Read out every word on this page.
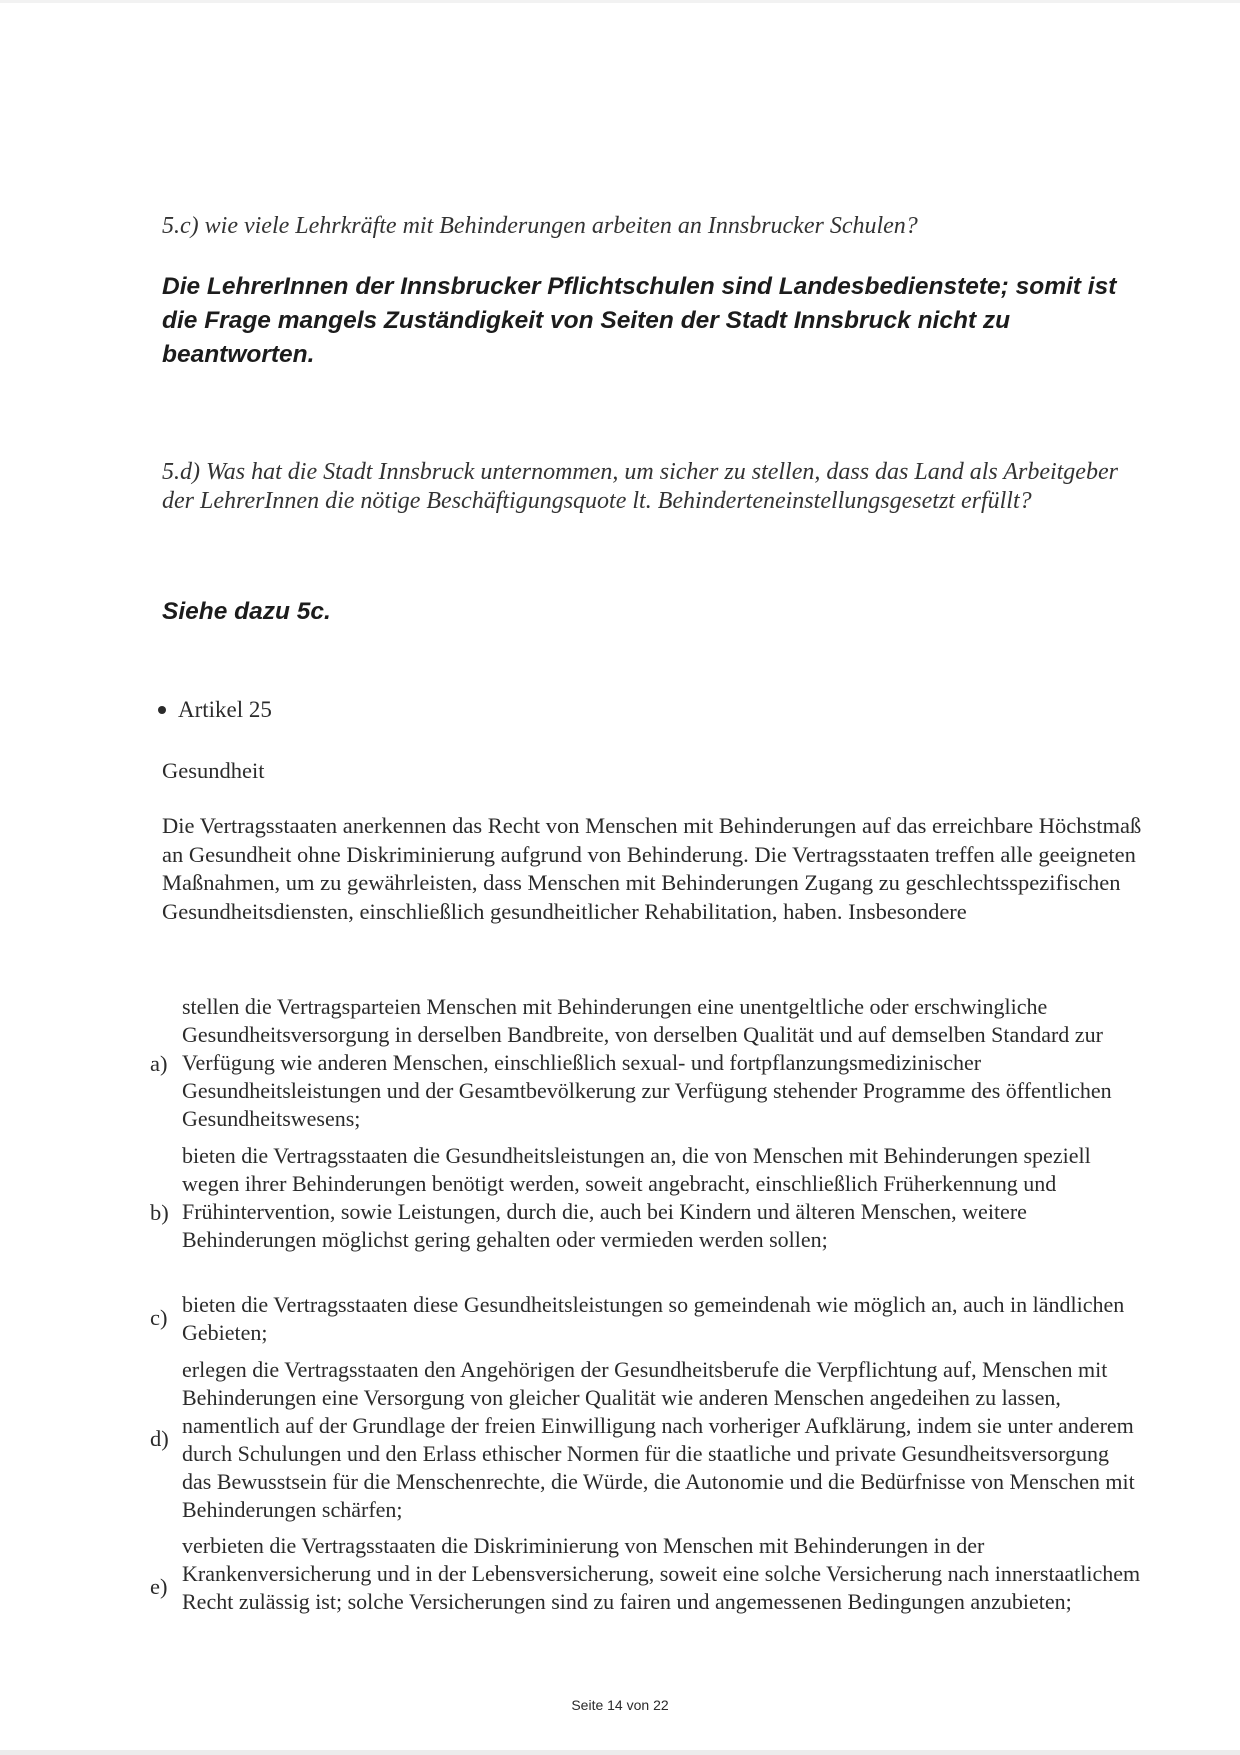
5.c) wie viele Lehrkräfte mit Behinderungen arbeiten an Innsbrucker Schulen?

Die LehrerInnen der Innsbrucker Pflichtschulen sind Landesbedienstete; somit ist die Frage mangels Zuständigkeit von Seiten der Stadt Innsbruck nicht zu beantworten.

5.d) Was hat die Stadt Innsbruck unternommen, um sicher zu stellen, dass das Land als Arbeitgeber der LehrerInnen die nötige Beschäftigungsquote lt. Behinderteneinstellungsgesetzt erfüllt?

Siehe dazu 5c.

Artikel 25

Gesundheit

Die Vertragsstaaten anerkennen das Recht von Menschen mit Behinderungen auf das erreichbare Höchstmaß an Gesundheit ohne Diskriminierung aufgrund von Behinderung. Die Vertragsstaaten treffen alle geeigneten Maßnahmen, um zu gewährleisten, dass Menschen mit Behinderungen Zugang zu geschlechtsspezifischen Gesundheitsdiensten, einschließlich gesundheitlicher Rehabilitation, haben. Insbesondere

a)

stellen die Vertragsparteien Menschen mit Behinderungen eine unentgeltliche oder erschwingliche Gesundheitsversorgung in derselben Bandbreite, von derselben Qualität und auf demselben Standard zur Verfügung wie anderen Menschen, einschließlich sexual- und fortpflanzungsmedizinischer Gesundheitsleistungen und der Gesamtbevölkerung zur Verfügung stehender Programme des öffentlichen Gesundheitswesens;

b)

bieten die Vertragsstaaten die Gesundheitsleistungen an, die von Menschen mit Behinderungen speziell wegen ihrer Behinderungen benötigt werden, soweit angebracht, einschließlich Früherkennung und Frühintervention, sowie Leistungen, durch die, auch bei Kindern und älteren Menschen, weitere Behinderungen möglichst gering gehalten oder vermieden werden sollen;

c)

bieten die Vertragsstaaten diese Gesundheitsleistungen so gemeindenah wie möglich an, auch in ländlichen Gebieten;

d)

erlegen die Vertragsstaaten den Angehörigen der Gesundheitsberufe die Verpflichtung auf, Menschen mit Behinderungen eine Versorgung von gleicher Qualität wie anderen Menschen angedeihen zu lassen, namentlich auf der Grundlage der freien Einwilligung nach vorheriger Aufklärung, indem sie unter anderem durch Schulungen und den Erlass ethischer Normen für die staatliche und private Gesundheitsversorgung das Bewusstsein für die Menschenrechte, die Würde, die Autonomie und die Bedürfnisse von Menschen mit Behinderungen schärfen;

e)

verbieten die Vertragsstaaten die Diskriminierung von Menschen mit Behinderungen in der Krankenversicherung und in der Lebensversicherung, soweit eine solche Versicherung nach innerstaatlichem Recht zulässig ist; solche Versicherungen sind zu fairen und angemessenen Bedingungen anzubieten;

Seite 14 von 22
